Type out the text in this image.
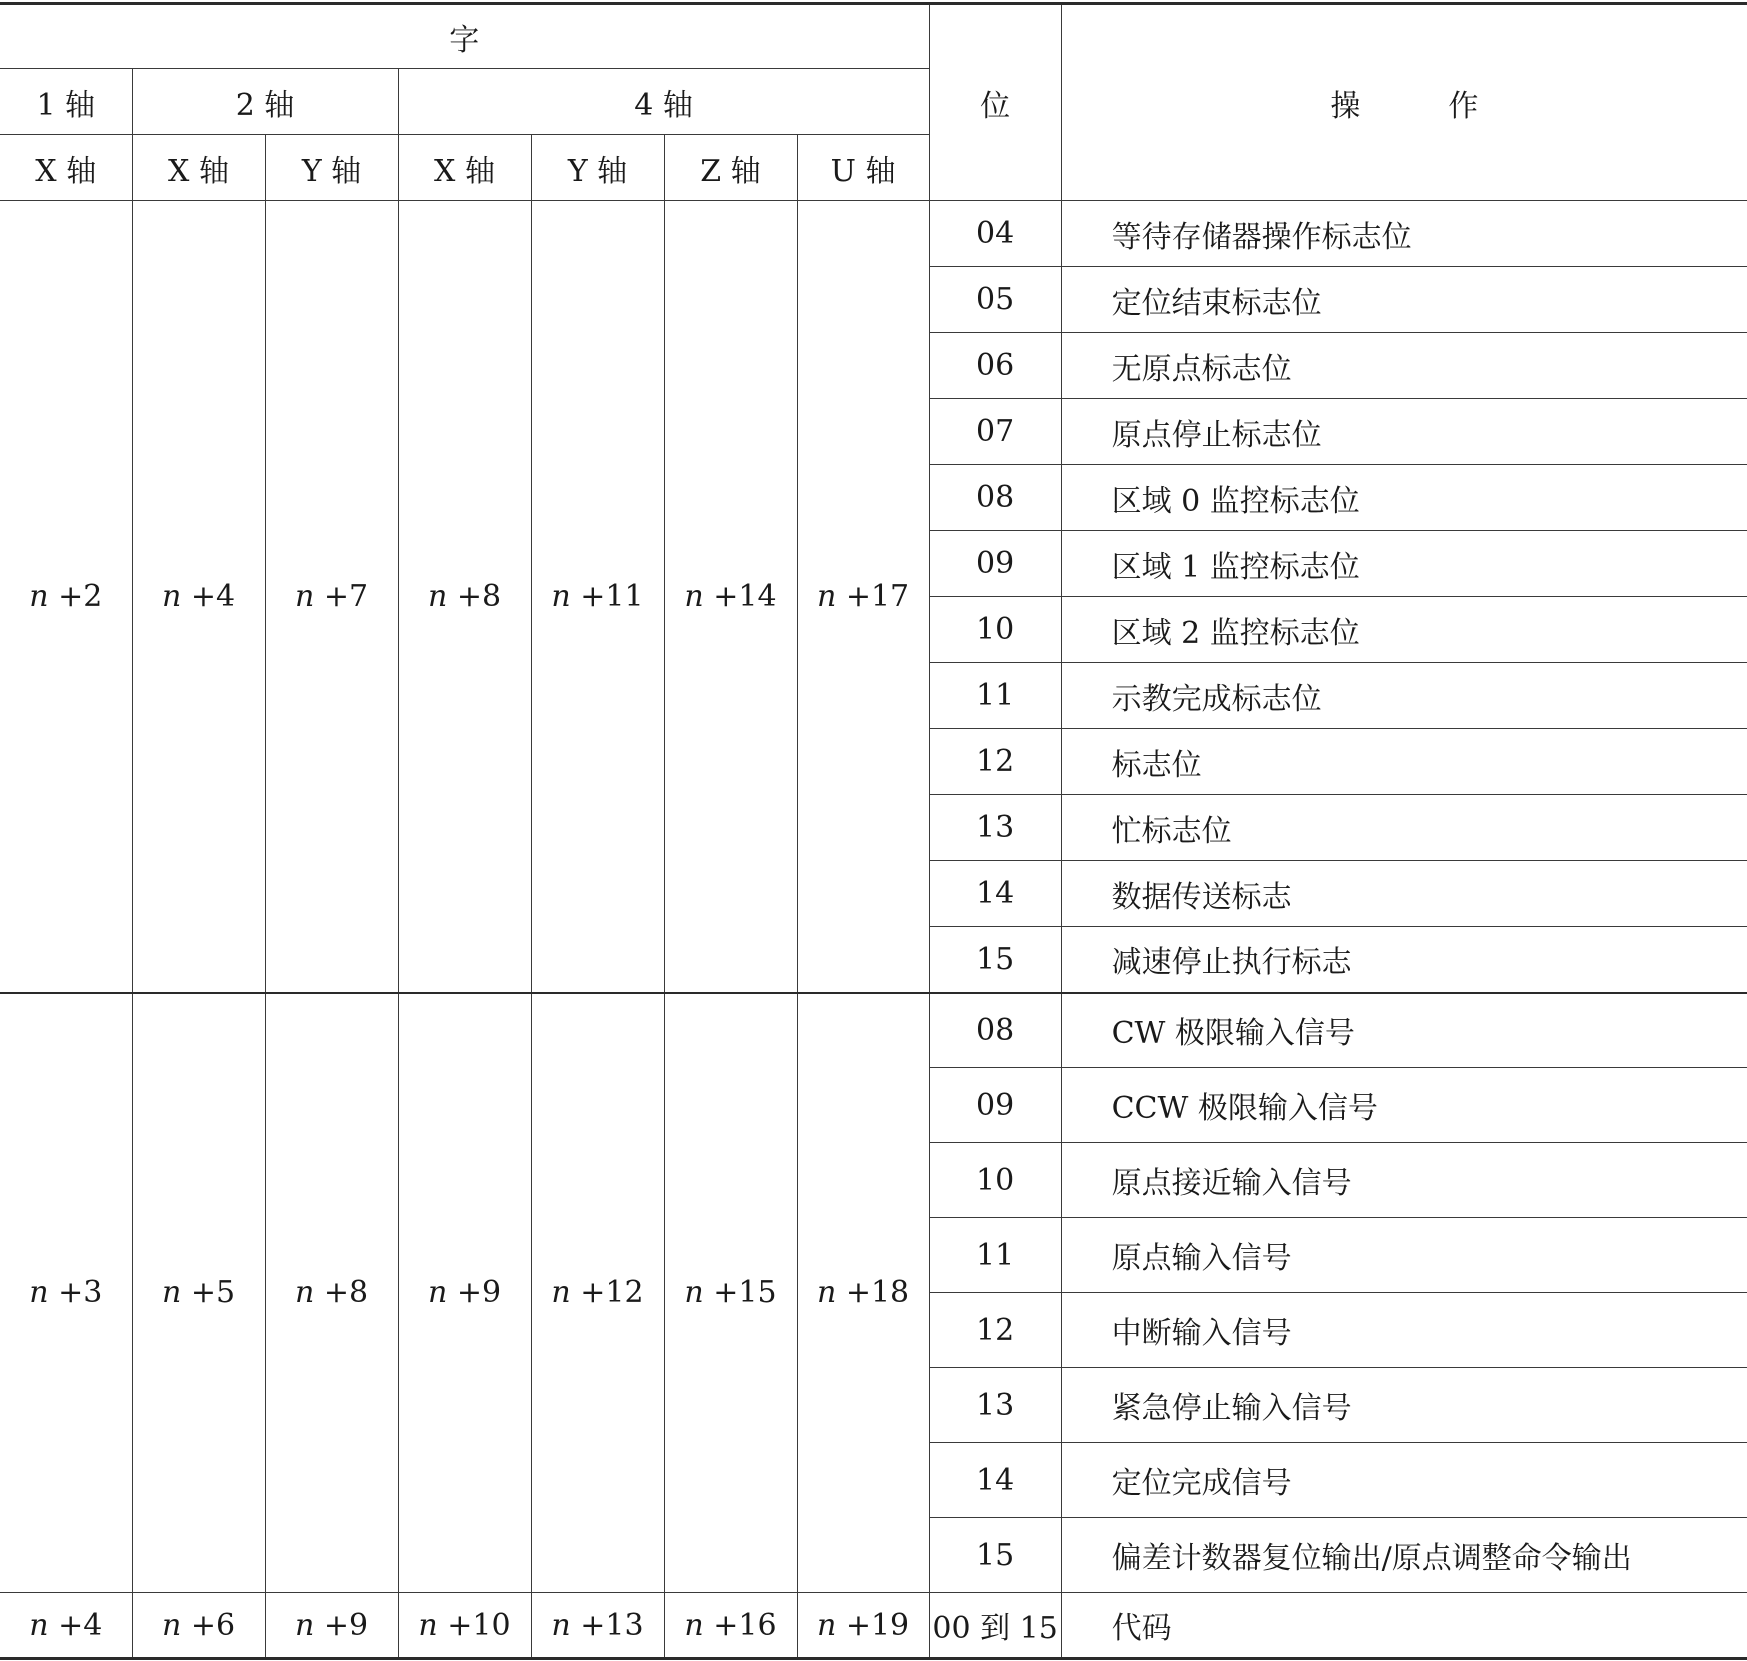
字							位	操 作
1 轴	2 轴		4 轴					
X 轴	X 轴	Y 轴	X 轴	Y 轴	Z 轴	U 轴		
n +2	n +4	n +7	n +8	n +11	n +14	n +17	04	等待存储器操作标志位
							05	定位结束标志位
							06	无原点标志位
							07	原点停止标志位
							08	区域 0 监控标志位
							09	区域 1 监控标志位
							10	区域 2 监控标志位
							11	示教完成标志位
							12	标志位
							13	忙标志位
							14	数据传送标志
							15	减速停止执行标志
n +3	n +5	n +8	n +9	n +12	n +15	n +18	08	CW 极限输入信号
							09	CCW 极限输入信号
							10	原点接近输入信号
							11	原点输入信号
							12	中断输入信号
							13	紧急停止输入信号
							14	定位完成信号
							15	偏差计数器复位输出/原点调整命令输出
n +4	n +6	n +9	n +10	n +13	n +16	n +19	00 到 15	代码
